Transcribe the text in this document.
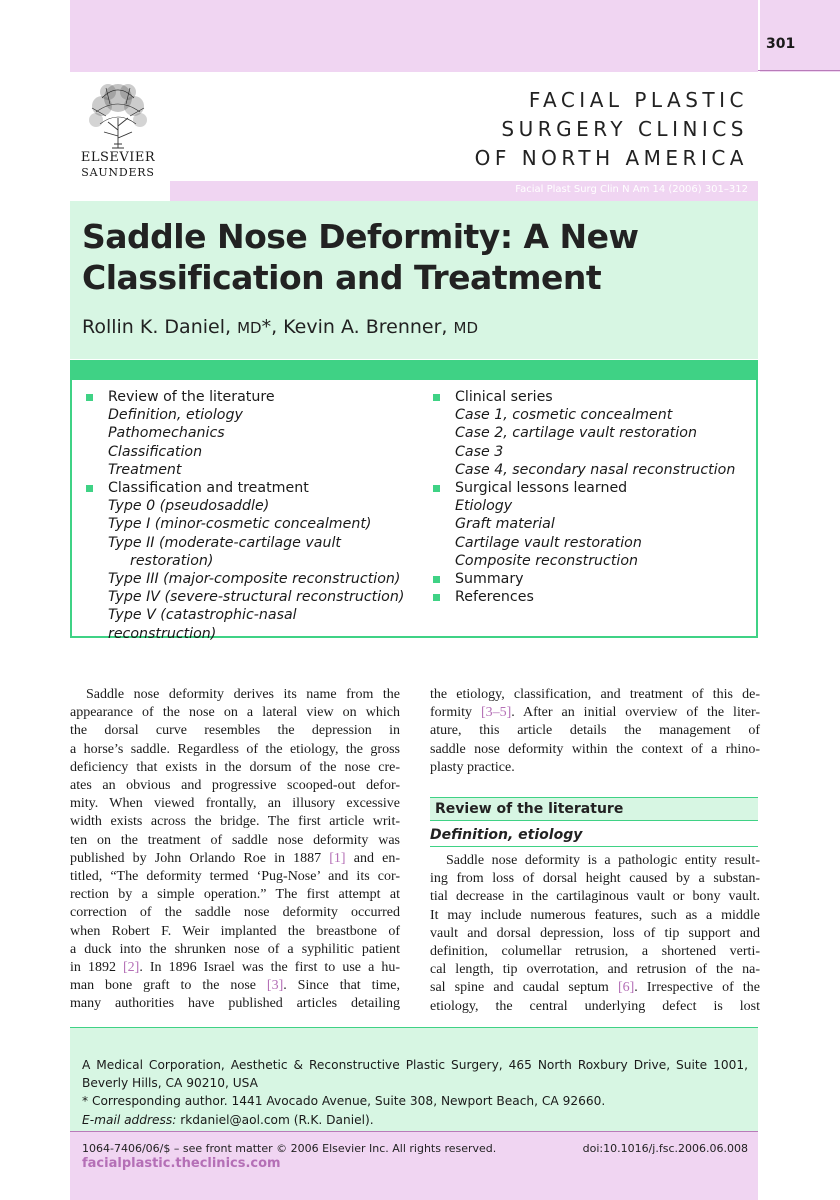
301
ELSEVIER
SAUNDERS
FACIAL PLASTIC
SURGERY CLINICS
OF NORTH AMERICA
Facial Plast Surg Clin N Am 14 (2006) 301–312
Saddle Nose Deformity: A New
Classification and Treatment
Rollin K. Daniel, MD*, Kevin A. Brenner, MD
Review of the literature
Definition, etiology
Pathomechanics
Classification
Treatment
Classification and treatment
Type 0 (pseudosaddle)
Type I (minor-cosmetic concealment)
Type II (moderate-cartilage vault
restoration)
Type III (major-composite reconstruction)
Type IV (severe-structural reconstruction)
Type V (catastrophic-nasal reconstruction)
Clinical series
Case 1, cosmetic concealment
Case 2, cartilage vault restoration
Case 3
Case 4, secondary nasal reconstruction
Surgical lessons learned
Etiology
Graft material
Cartilage vault restoration
Composite reconstruction
Summary
References
Saddle nose deformity derives its name from the
appearance of the nose on a lateral view on which
the dorsal curve resembles the depression in
a horse’s saddle. Regardless of the etiology, the gross
deficiency that exists in the dorsum of the nose cre-
ates an obvious and progressive scooped-out defor-
mity. When viewed frontally, an illusory excessive
width exists across the bridge. The first article writ-
ten on the treatment of saddle nose deformity was
published by John Orlando Roe in 1887 [1] and en-
titled, “The deformity termed ‘Pug-Nose’ and its cor-
rection by a simple operation.” The first attempt at
correction of the saddle nose deformity occurred
when Robert F. Weir implanted the breastbone of
a duck into the shrunken nose of a syphilitic patient
in 1892 [2]. In 1896 Israel was the first to use a hu-
man bone graft to the nose [3]. Since that time,
many authorities have published articles detailing
the etiology, classification, and treatment of this de-
formity [3–5]. After an initial overview of the liter-
ature, this article details the management of
saddle nose deformity within the context of a rhino-
plasty practice.
Review of the literature
Definition, etiology
Saddle nose deformity is a pathologic entity result-
ing from loss of dorsal height caused by a substan-
tial decrease in the cartilaginous vault or bony vault.
It may include numerous features, such as a middle
vault and dorsal depression, loss of tip support and
definition, columellar retrusion, a shortened verti-
cal length, tip overrotation, and retrusion of the na-
sal spine and caudal septum [6]. Irrespective of the
etiology, the central underlying defect is lost
A Medical Corporation, Aesthetic & Reconstructive Plastic Surgery, 465 North Roxbury Drive, Suite 1001, Beverly Hills, CA 90210, USA
* Corresponding author. 1441 Avocado Avenue, Suite 308, Newport Beach, CA 92660.
E-mail address: rkdaniel@aol.com (R.K. Daniel).
1064-7406/06/$ – see front matter © 2006 Elsevier Inc. All rights reserved.	doi:10.1016/j.fsc.2006.06.008
facialplastic.theclinics.com
